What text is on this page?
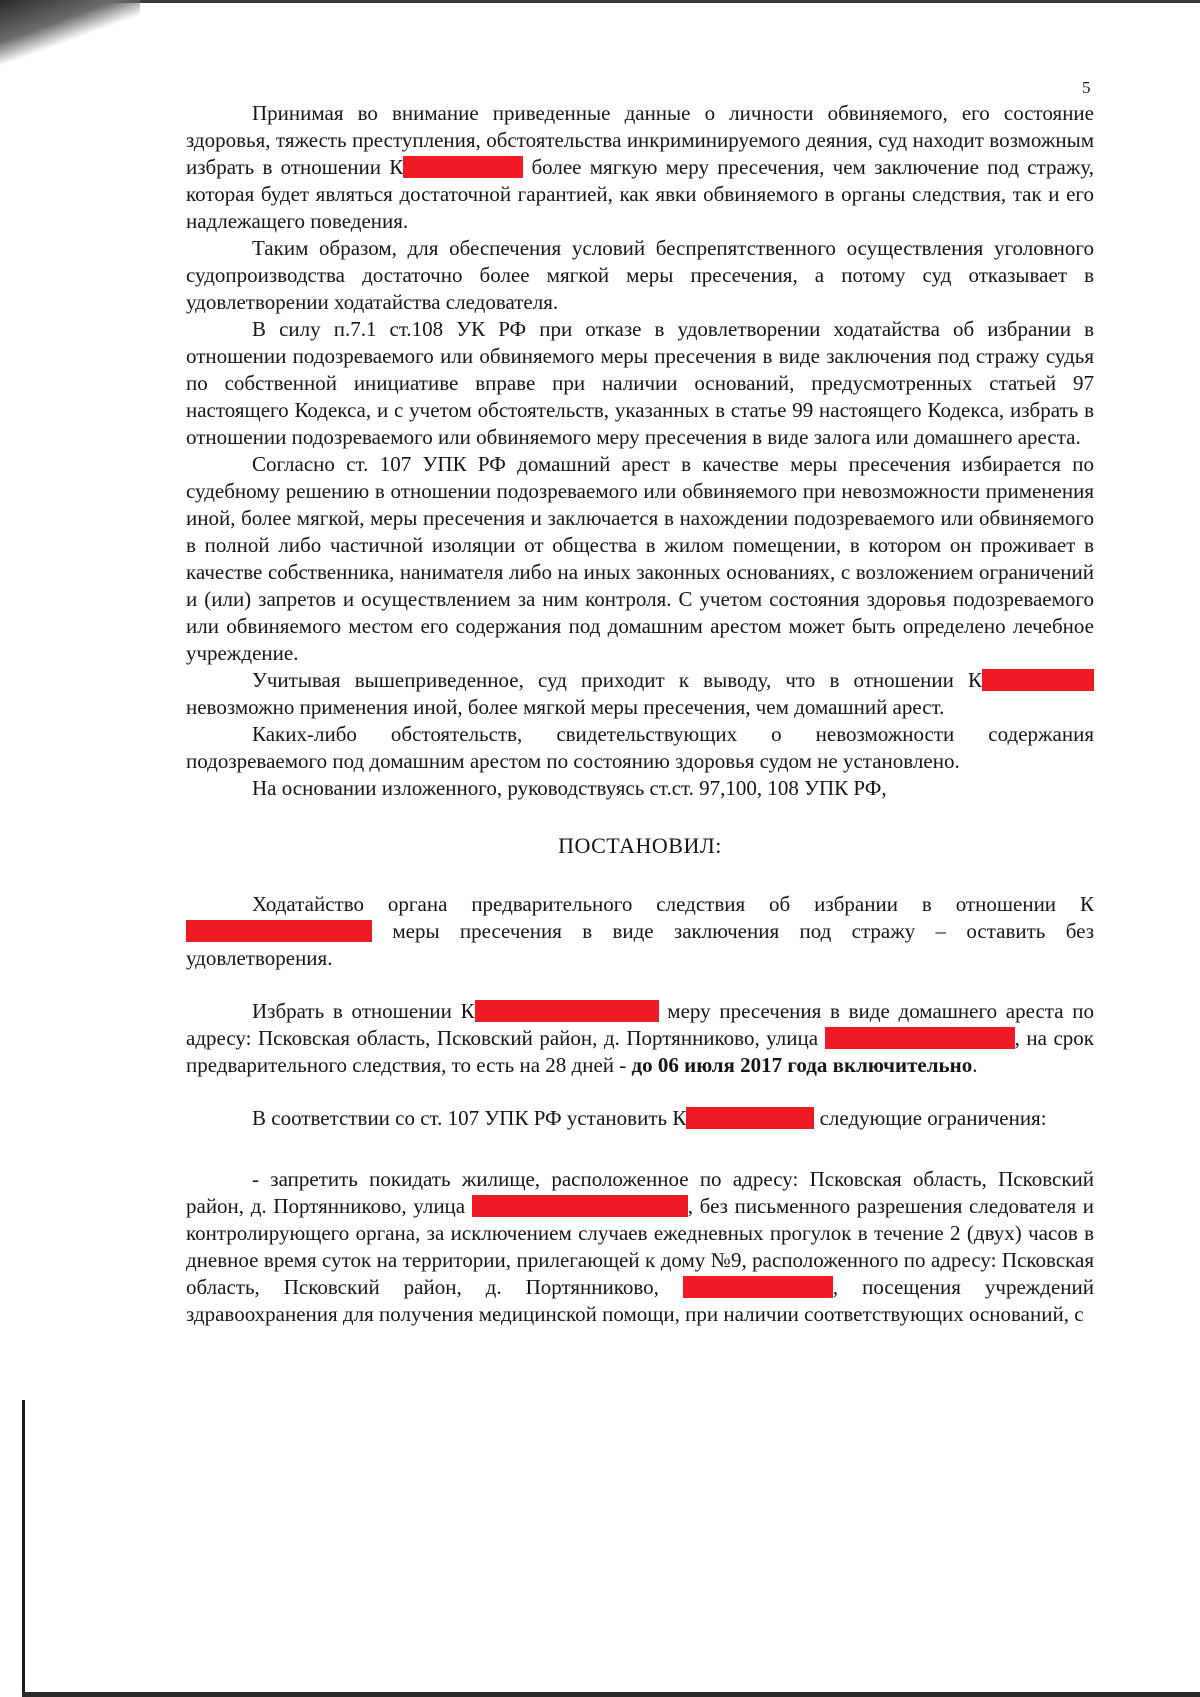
5

Принимая во внимание приведенные данные о личности обвиняемого, его состояние здоровья, тяжесть преступления, обстоятельства инкриминируемого деяния, суд находит возможным избрать в отношении К	более мягкую меру пресечения, чем заключение под стражу, которая будет являться достаточной гарантией, как явки обвиняемого в органы следствия, так и его надлежащего поведения.

Таким образом, для обеспечения условий беспрепятственного осуществления уголовного судопроизводства достаточно более мягкой меры пресечения, а потому суд отказывает в удовлетворении ходатайства следователя.

В силу п.7.1 ст.108 УК РФ при отказе в удовлетворении ходатайства об избрании в отношении подозреваемого или обвиняемого меры пресечения в виде заключения под стражу судья по собственной инициативе вправе при наличии оснований, предусмотренных статьей 97 настоящего Кодекса, и с учетом обстоятельств, указанных в статье 99 настоящего Кодекса, избрать в отношении подозреваемого или обвиняемого меру пресечения в виде залога или домашнего ареста.

Согласно ст. 107 УПК РФ домашний арест в качестве меры пресечения избирается по судебному решению в отношении подозреваемого или обвиняемого при невозможности применения иной, более мягкой, меры пресечения и заключается в нахождении подозреваемого или обвиняемого в полной либо частичной изоляции от общества в жилом помещении, в котором он проживает в качестве собственника, нанимателя либо на иных законных основаниях, с возложением ограничений и (или) запретов и осуществлением за ним контроля. С учетом состояния здоровья подозреваемого или обвиняемого местом его содержания под домашним арестом может быть определено лечебное учреждение.

Учитывая вышеприведенное, суд приходит к выводу, что в отношении К невозможно применения иной, более мягкой меры пресечения, чем домашний арест.

Каких-либо обстоятельств, свидетельствующих о невозможности содержания подозреваемого под домашним арестом по состоянию здоровья судом не установлено.

На основании изложенного, руководствуясь ст.ст. 97,100, 108 УПК РФ,

ПОСТАНОВИЛ:

Ходатайство органа предварительного следствия об избрании в отношении К меры пресечения в виде заключения под стражу – оставить без удовлетворения.

Избрать в отношении К	меру пресечения в виде домашнего ареста по адресу: Псковская область, Псковский район, д. Портянниково, улица	, на срок предварительного следствия, то есть на 28 дней - до 06 июля 2017 года включительно.

В соответствии со ст. 107 УПК РФ установить К	следующие ограничения:

- запретить покидать жилище, расположенное по адресу: Псковская область, Псковский район, д. Портянниково, улица	, без письменного разрешения следователя и контролирующего органа, за исключением случаев ежедневных прогулок в течение 2 (двух) часов в дневное время суток на территории, прилегающей к дому №9, расположенного по адресу: Псковская область, Псковский район, д. Портянниково,	, посещения учреждений здравоохранения для получения медицинской помощи, при наличии соответствующих оснований, с
